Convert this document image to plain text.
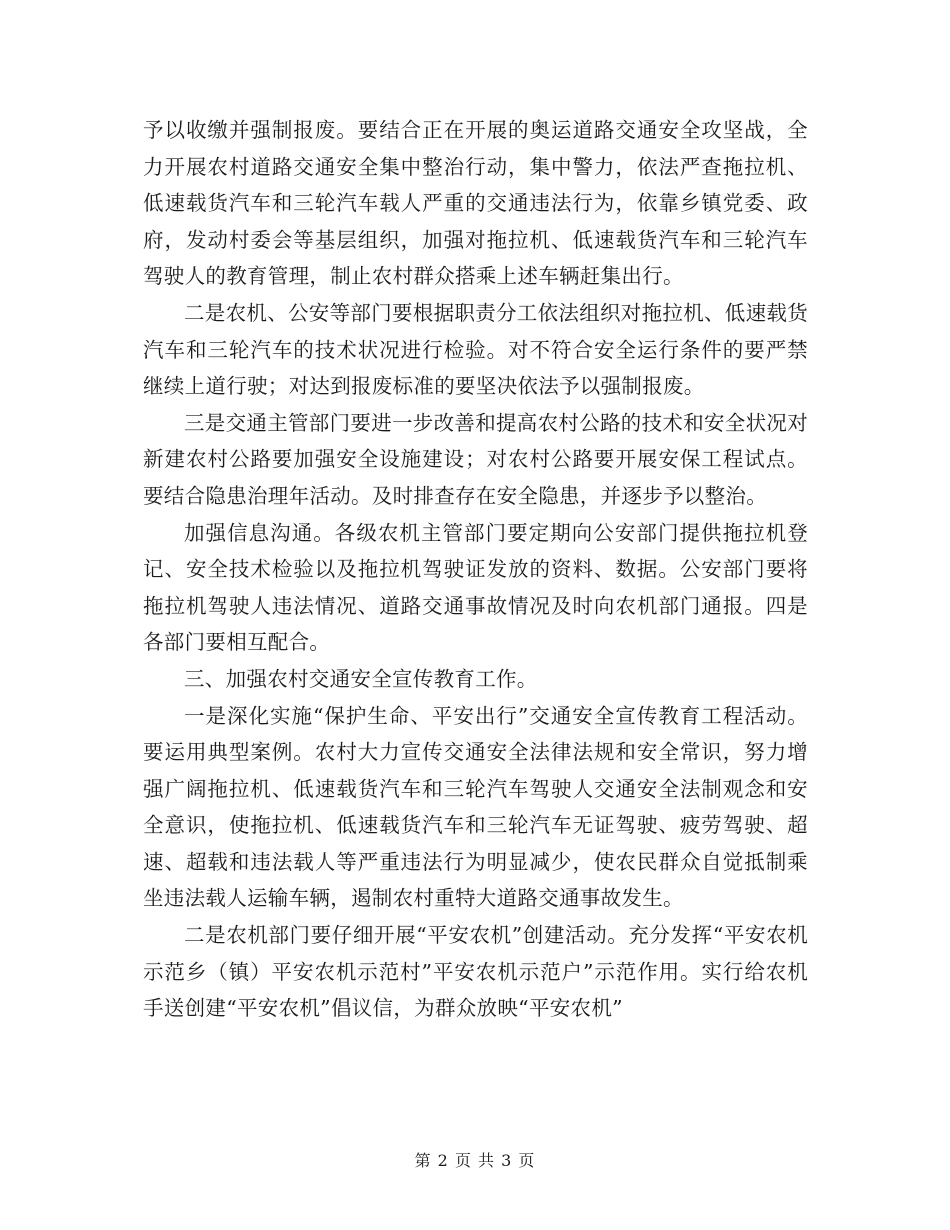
予以收缴并强制报废。要结合正在开展的奥运道路交通安全攻坚战，全力开展农村道路交通安全集中整治行动，集中警力，依法严查拖拉机、低速载货汽车和三轮汽车载人严重的交通违法行为，依靠乡镇党委、政府，发动村委会等基层组织，加强对拖拉机、低速载货汽车和三轮汽车驾驶人的教育管理，制止农村群众搭乘上述车辆赶集出行。

二是农机、公安等部门要根据职责分工依法组织对拖拉机、低速载货汽车和三轮汽车的技术状况进行检验。对不符合安全运行条件的要严禁继续上道行驶；对达到报废标准的要坚决依法予以强制报废。

三是交通主管部门要进一步改善和提高农村公路的技术和安全状况对新建农村公路要加强安全设施建设；对农村公路要开展安保工程试点。要结合隐患治理年活动。及时排查存在安全隐患，并逐步予以整治。

加强信息沟通。各级农机主管部门要定期向公安部门提供拖拉机登记、安全技术检验以及拖拉机驾驶证发放的资料、数据。公安部门要将拖拉机驾驶人违法情况、道路交通事故情况及时向农机部门通报。四是各部门要相互配合。

三、加强农村交通安全宣传教育工作。

一是深化实施“保护生命、平安出行”交通安全宣传教育工程活动。要运用典型案例。农村大力宣传交通安全法律法规和安全常识，努力增强广阔拖拉机、低速载货汽车和三轮汽车驾驶人交通安全法制观念和安全意识，使拖拉机、低速载货汽车和三轮汽车无证驾驶、疲劳驾驶、超速、超载和违法载人等严重违法行为明显减少，使农民群众自觉抵制乘坐违法载人运输车辆，遏制农村重特大道路交通事故发生。

二是农机部门要仔细开展“平安农机”创建活动。充分发挥“平安农机示范乡（镇）平安农机示范村”平安农机示范户”示范作用。实行给农机手送创建“平安农机”倡议信，为群众放映“平安农机”

第 2 页 共 3 页
